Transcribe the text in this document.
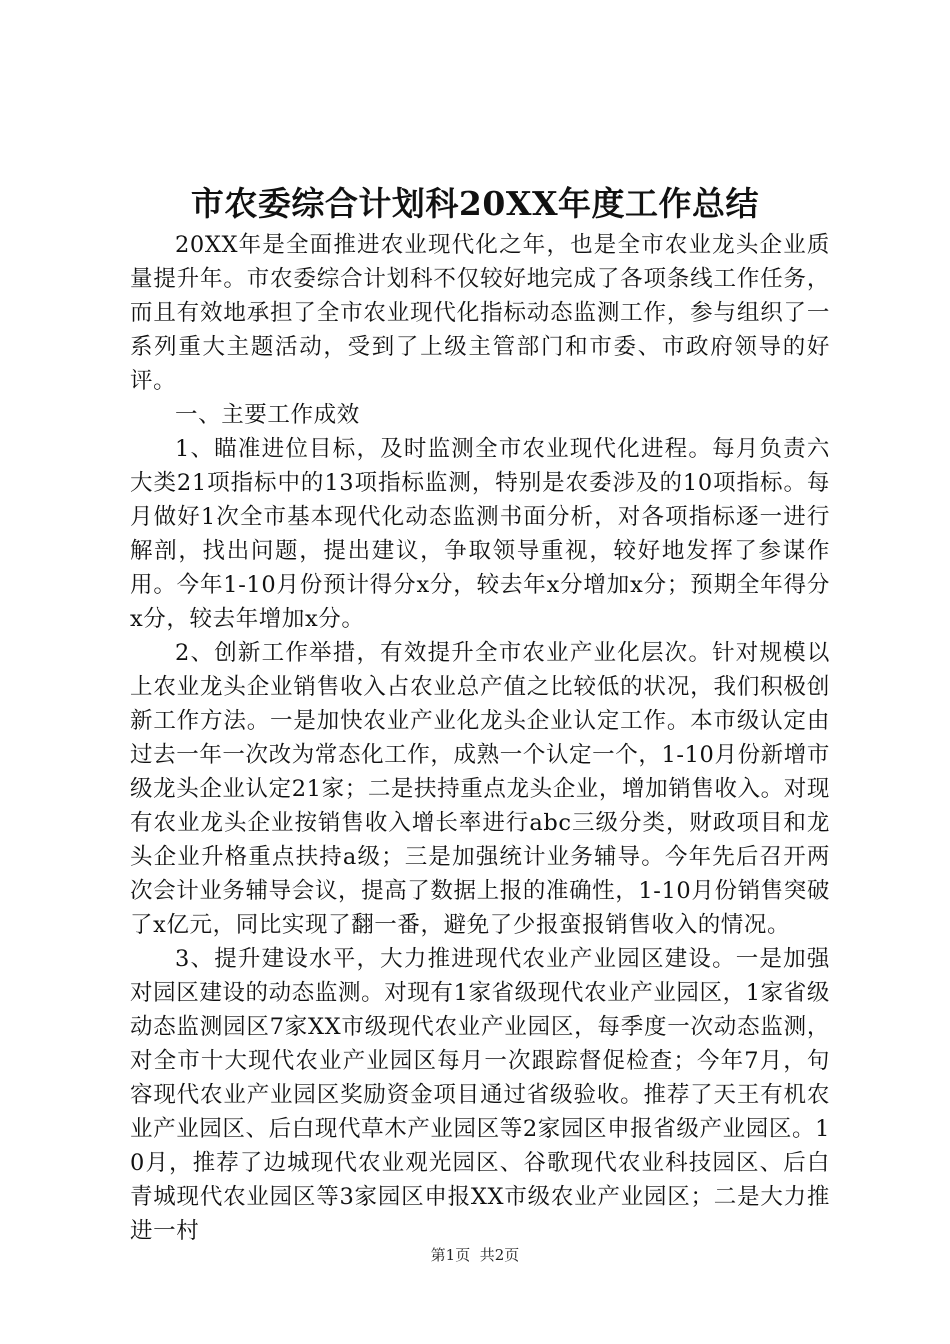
市农委综合计划科20XX年度工作总结

20XX年是全面推进农业现代化之年，也是全市农业龙头企业质量提升年。市农委综合计划科不仅较好地完成了各项条线工作任务，而且有效地承担了全市农业现代化指标动态监测工作，参与组织了一系列重大主题活动，受到了上级主管部门和市委、市政府领导的好评。

一、主要工作成效

1、瞄准进位目标，及时监测全市农业现代化进程。每月负责六大类21项指标中的13项指标监测，特别是农委涉及的10项指标。每月做好1次全市基本现代化动态监测书面分析，对各项指标逐一进行解剖，找出问题，提出建议，争取领导重视，较好地发挥了参谋作用。今年1-10月份预计得分x分，较去年x分增加x分；预期全年得分x分，较去年增加x分。

2、创新工作举措，有效提升全市农业产业化层次。针对规模以上农业龙头企业销售收入占农业总产值之比较低的状况，我们积极创新工作方法。一是加快农业产业化龙头企业认定工作。本市级认定由过去一年一次改为常态化工作，成熟一个认定一个，1-10月份新增市级龙头企业认定21家；二是扶持重点龙头企业，增加销售收入。对现有农业龙头企业按销售收入增长率进行abc三级分类，财政项目和龙头企业升格重点扶持a级；三是加强统计业务辅导。今年先后召开两次会计业务辅导会议，提高了数据上报的准确性，1-10月份销售突破了x亿元，同比实现了翻一番，避免了少报蛮报销售收入的情况。

3、提升建设水平，大力推进现代农业产业园区建设。一是加强对园区建设的动态监测。对现有1家省级现代农业产业园区，1家省级动态监测园区7家XX市级现代农业产业园区，每季度一次动态监测，对全市十大现代农业产业园区每月一次跟踪督促检查；今年7月，句容现代农业产业园区奖励资金项目通过省级验收。推荐了天王有机农业产业园区、后白现代草木产业园区等2家园区申报省级产业园区。10月，推荐了边城现代农业观光园区、谷歌现代农业科技园区、后白青城现代农业园区等3家园区申报XX市级农业产业园区；二是大力推进一村

第1页 共2页
